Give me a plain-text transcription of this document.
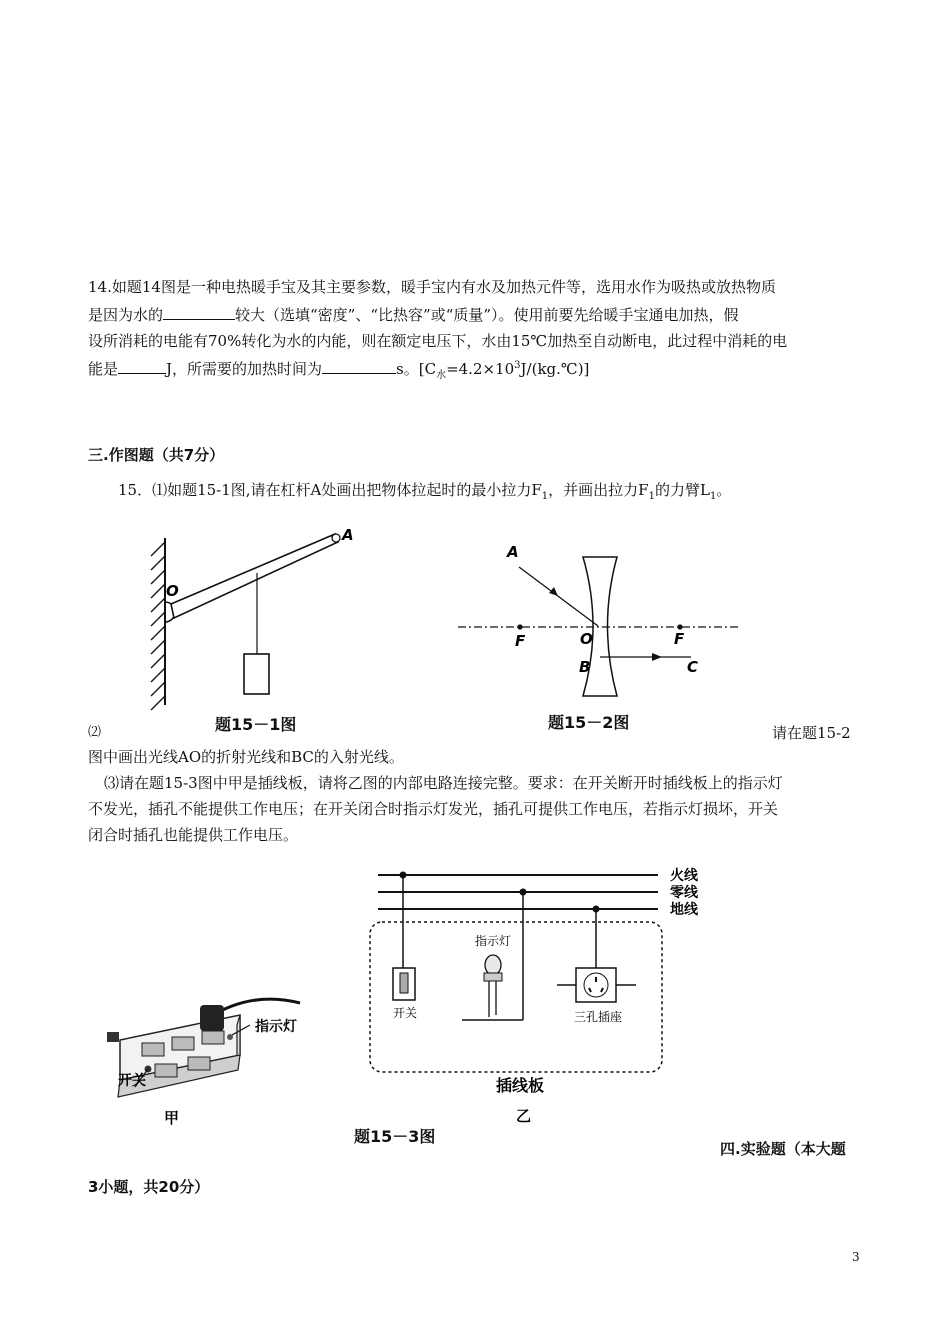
14.如题14图是一种电热暖手宝及其主要参数，暖手宝内有水及加热元件等，选用水作为吸热或放热物质
是因为水的	较大（选填“密度”、“比热容”或“质量”）。使用前要先给暖手宝通电加热，假
设所消耗的电能有70%转化为水的内能，则在额定电压下，水由15℃加热至自动断电，此过程中消耗的电
能是	J，所需要的加热时间为	s。$[C_水=4.2\times 10^3J/(kg.℃)]$
三.作图题（共7分）
15．⑴如题15-1图,请在杠杆A处画出把物体拉起时的最小拉力$F_1$，并画出拉力$F_1$的力臂$L_1$。
O
A
题15－1图
A
F	O	F
B	C
题15－2图
⑵	请在题15-2
图中画出光线AO的折射光线和BC的入射光线。
⑶请在题15-3图中甲是插线板，请将乙图的内部电路连接完整。要求：在开关断开时插线板上的指示灯
不发光，插孔不能提供工作电压；在开关闭合时指示灯发光，插孔可提供工作电压，若指示灯损坏，开关
闭合时插孔也能提供工作电压。
指示灯
开关
甲
火线
零线
地线
开关
指示灯
三孔插座
插线板
乙
题15－3图
四.实验题（本大题
3小题，共20分）
3
